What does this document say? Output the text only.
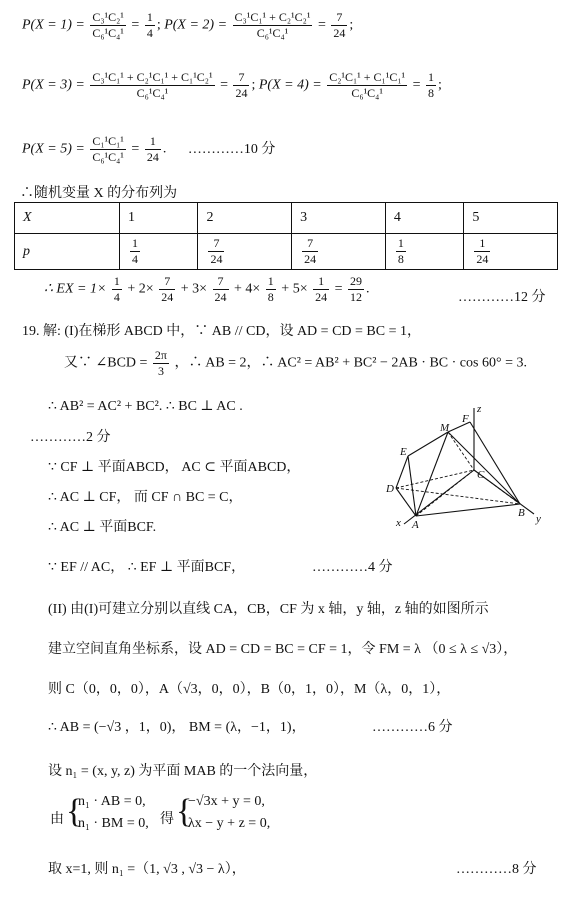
$P(X = 1) = \frac{\text{C₃¹C₂¹}}{\text{C₆¹C₄¹}} = \frac{1}{4}$ ; $P(X = 2) = \frac{\text{C₃¹C₁¹ + C₂¹C₂¹}}{\text{C₆¹C₄¹}} = \frac{7}{24}$ ;
$P(X = 3) = \frac{\text{C₃¹C₁¹ + C₂¹C₁¹ + C₁¹C₂¹}}{\text{C₆¹C₄¹}} = \frac{7}{24}$ ; $P(X = 4) = \frac{\text{C₂¹C₁¹ + C₁¹C₁¹}}{\text{C₆¹C₄¹}} = \frac{1}{8}$ ;
$P(X = 5) = \frac{\text{C₁¹C₁¹}}{\text{C₆¹C₄¹}} = \frac{1}{24}$ . …………10 分
∴随机变量 X 的分布列为
X	1	2	3	4	5
p	$\frac{1}{4}$	$\frac{7}{24}$	$\frac{7}{24}$	$\frac{1}{8}$	$\frac{1}{24}$
∴ EX = $1\times \frac{1}{4} + 2\times \frac{7}{24} + 3\times \frac{7}{24} + 4\times \frac{1}{8} + 5\times \frac{1}{24} = \frac{29}{12}$ .
…………12 分
19. 解: (I)在梯形 ABCD 中，∵ AB // CD，设 AD = CD = BC = 1，
又∵ ∠BCD = $\frac{2\pi}{3}$ ，∴ AB = 2，∴ AC² = AB² + BC² − 2AB · BC · cos 60° = 3.
∴ AB² = AC² + BC². ∴ BC ⊥ AC .
…………2 分
∵ CF ⊥ 平面ABCD， AC ⊂ 平面ABCD，
∴ AC ⊥ CF， 而 CF ∩ BC = C，
∴ AC ⊥ 平面BCF.
∵ EF // AC， ∴ EF ⊥ 平面BCF，	…………4 分
F
M
E
D
C
A
B
x	y
z
(II) 由(I)可建立分别以直线 CA，CB，CF 为 x 轴，y 轴，z 轴的如图所示
建立空间直角坐标系，设 AD = CD = BC = CF = 1，令 FM = λ （0 ≤ λ ≤ √3），
则 C（0，0，0），A（√3，0，0），B（0，1，0），M（λ，0，1），
∴ AB = (−√3 ，1，0)， BM = (λ，−1，1)，	…………6 分
设 n₁ = (x, y, z) 为平面 MAB 的一个法向量，
由 {
n₁ · AB = 0,
n₁ · BM = 0, 得 {
−√3x + y = 0,
λx − y + z = 0,
取 x=1, 则 n₁ =（1, √3 , √3 − λ），	…………8 分
